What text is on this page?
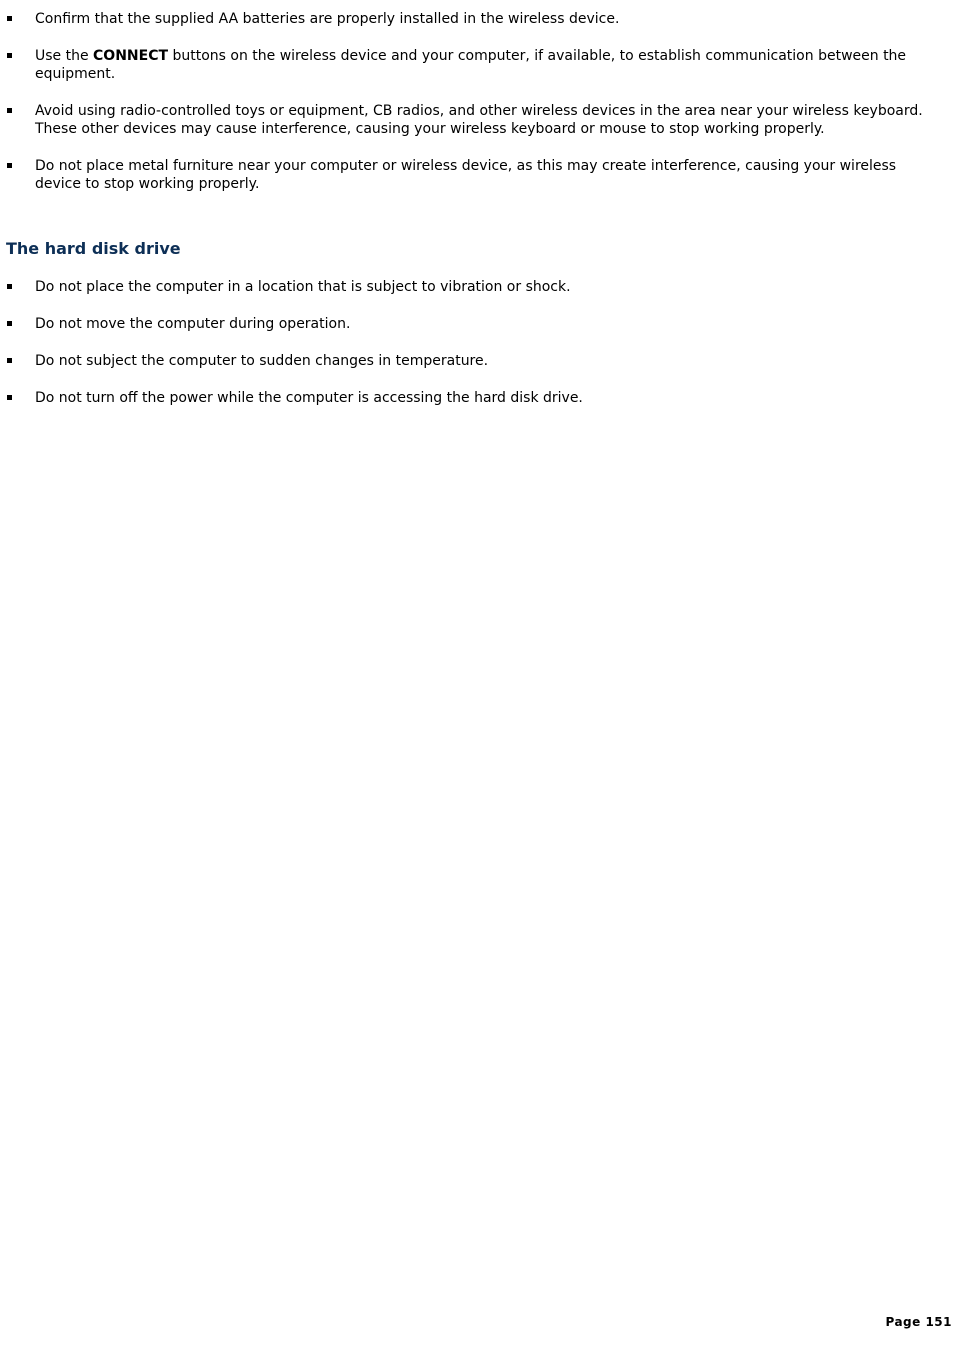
Confirm that the supplied AA batteries are properly installed in the wireless device.
Use the CONNECT buttons on the wireless device and your computer, if available, to establish communication between the equipment.
Avoid using radio-controlled toys or equipment, CB radios, and other wireless devices in the area near your wireless keyboard. These other devices may cause interference, causing your wireless keyboard or mouse to stop working properly.
Do not place metal furniture near your computer or wireless device, as this may create interference, causing your wireless device to stop working properly.
The hard disk drive
Do not place the computer in a location that is subject to vibration or shock.
Do not move the computer during operation.
Do not subject the computer to sudden changes in temperature.
Do not turn off the power while the computer is accessing the hard disk drive.
Page 151
